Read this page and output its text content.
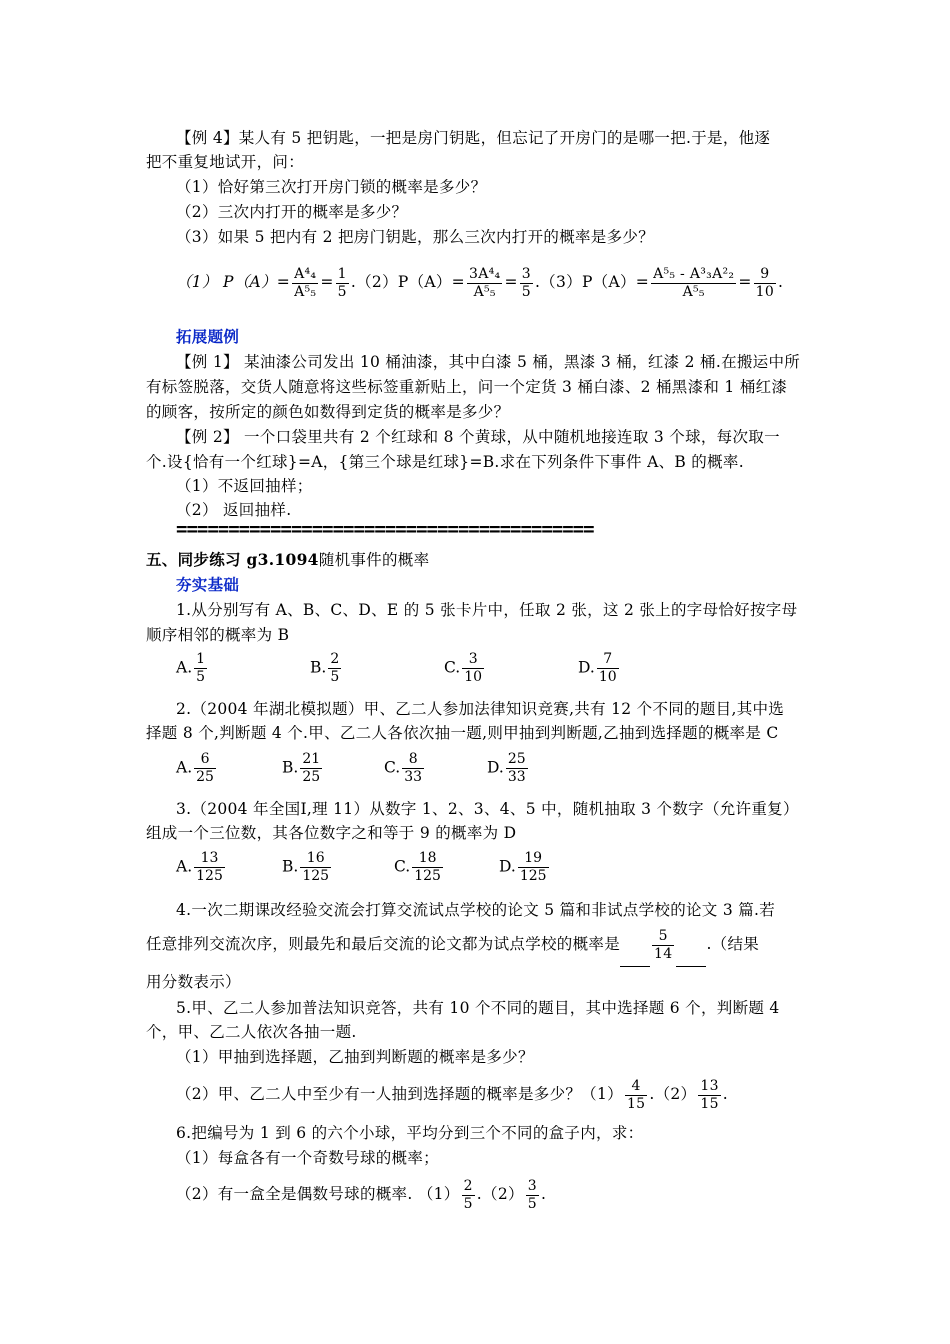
【例 4】某人有 5 把钥匙，一把是房门钥匙，但忘记了开房门的是哪一把.于是，他逐
把不重复地试开，问：
（1）恰好第三次打开房门锁的概率是多少？
（2）三次内打开的概率是多少？
（3）如果 5 把内有 2 把房门钥匙，那么三次内打开的概率是多少？
（1） $P(A)= \frac{\text{A⁴₄}}{\text{A⁵₅}} = \frac{1}{5} .(2)P(A)= \frac{\text{3A⁴₄}}{\text{A⁵₅}} = \frac{3}{5} .(3)P(A)= \frac{\text{A⁵₅ - A³₃A²₂}}{\text{A⁵₅}} = \frac{9}{10}$ .
拓展题例
【例 1】 某油漆公司发出 10 桶油漆，其中白漆 5 桶，黑漆 3 桶，红漆 2 桶.在搬运中所
有标签脱落，交货人随意将这些标签重新贴上，问一个定货 3 桶白漆、2 桶黑漆和 1 桶红漆
的顾客，按所定的颜色如数得到定货的概率是多少？
【例 2】 一个口袋里共有 2 个红球和 8 个黄球，从中随机地接连取 3 个球，每次取一
个.设{恰有一个红球}=A，{第三个球是红球}=B.求在下列条件下事件 A、B 的概率.
（1）不返回抽样；
（2） 返回抽样.
========================================
五、同步练习 g3.1094随机事件的概率
夯实基础
1.从分别写有 A、B、C、D、E 的 5 张卡片中，任取 2 张，这 2 张上的字母恰好按字母
顺序相邻的概率为 B
A. $\frac{1}{5}$	B. $\frac{2}{5}$	C. $\frac{3}{10}$	D. $\frac{7}{10}$
2.（2004 年湖北模拟题）甲、乙二人参加法律知识竞赛,共有 12 个不同的题目,其中选
择题 8 个,判断题 4 个.甲、乙二人各依次抽一题,则甲抽到判断题,乙抽到选择题的概率是 C
A. $\frac{6}{25}$	B. $\frac{21}{25}$	C. $\frac{8}{33}$	D. $\frac{25}{33}$
3.（2004 年全国Ⅰ,理 11）从数字 1、2、3、4、5 中，随机抽取 3 个数字（允许重复）
组成一个三位数，其各位数字之和等于 9 的概率为 D
A. $\frac{13}{125}$	B. $\frac{16}{125}$	C. $\frac{18}{125}$	D. $\frac{19}{125}$
4.一次二期课改经验交流会打算交流试点学校的论文 5 篇和非试点学校的论文 3 篇.若
任意排列交流次序，则最先和最后交流的论文都为试点学校的概率是 $\frac{5}{14}$ .（结果
用分数表示）
5.甲、乙二人参加普法知识竞答，共有 10 个不同的题目，其中选择题 6 个，判断题 4
个，甲、乙二人依次各抽一题.
（1）甲抽到选择题，乙抽到判断题的概率是多少？
（2）甲、乙二人中至少有一人抽到选择题的概率是多少？$(1) \frac{4}{15} .(2) \frac{13}{15}$ .
6.把编号为 1 到 6 的六个小球，平均分到三个不同的盒子内，求：
（1）每盒各有一个奇数号球的概率；
（2）有一盒全是偶数号球的概率. $(1) \frac{2}{5} .(2) \frac{3}{5}$ .
